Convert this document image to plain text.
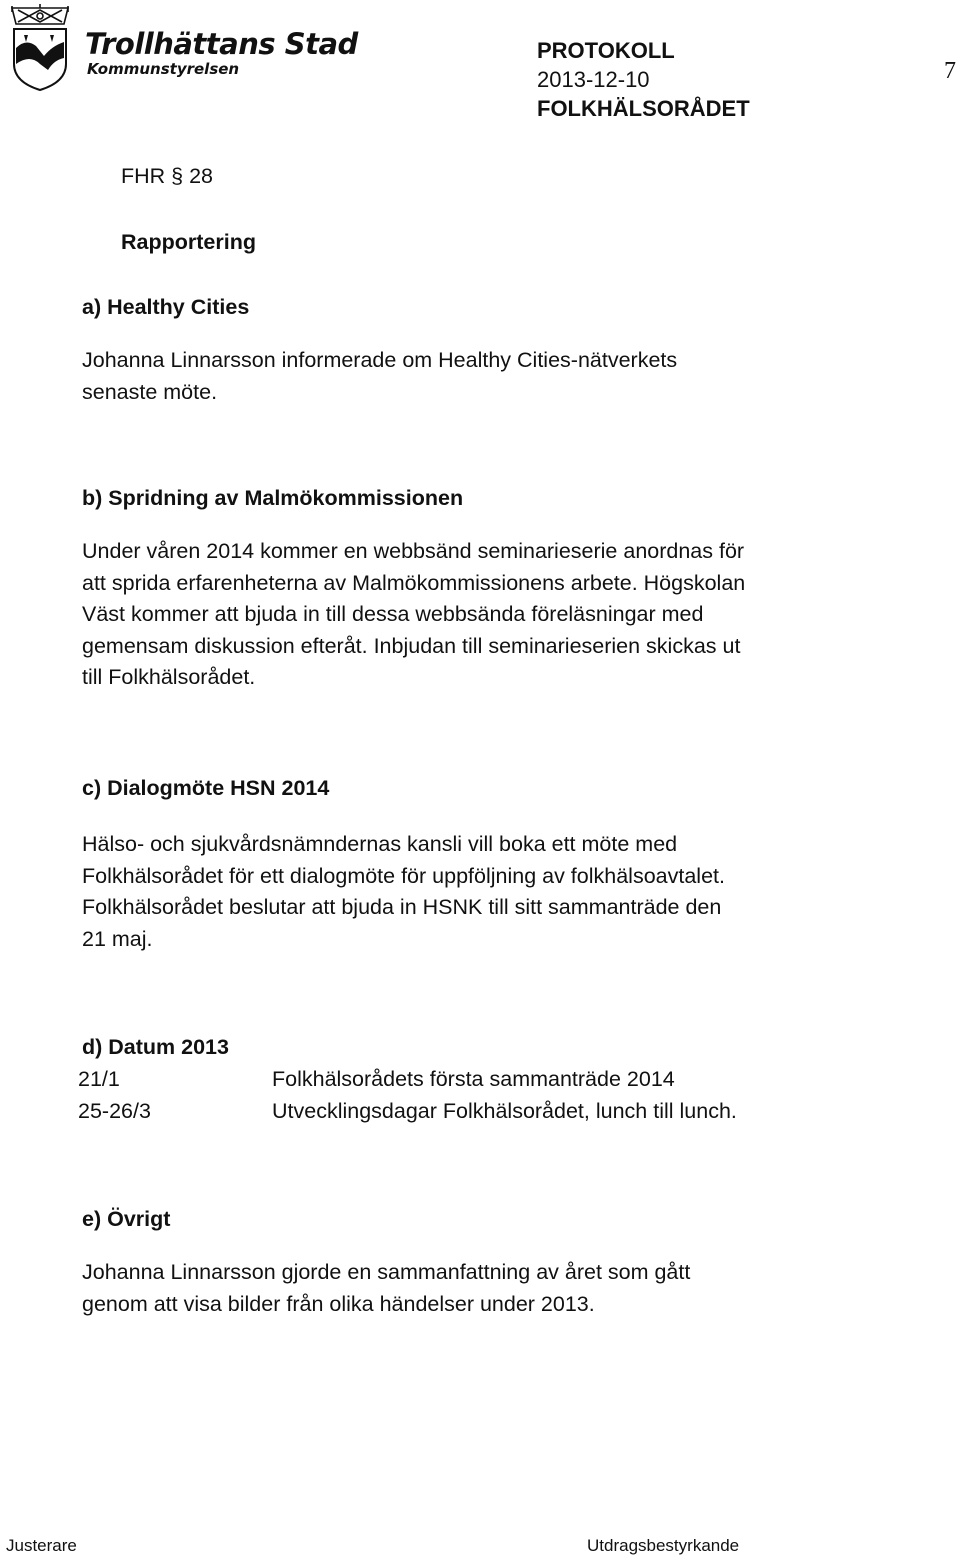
Trollhättans Stad
Kommunstyrelsen
PROTOKOLL
2013-12-10
FOLKHÄLSORÅDET
7
FHR § 28
Rapportering
a) Healthy Cities
Johanna Linnarsson informerade om Healthy Cities-nätverkets
senaste möte.
b) Spridning av Malmökommissionen
Under våren 2014 kommer en webbsänd seminarieserie anordnas för
att sprida erfarenheterna av Malmökommissionens arbete. Högskolan
Väst kommer att bjuda in till dessa webbsända föreläsningar med
gemensam diskussion efteråt. Inbjudan till seminarieserien skickas ut
till Folkhälsorådet.
c) Dialogmöte HSN 2014
Hälso- och sjukvårdsnämndernas kansli vill boka ett möte med
Folkhälsorådet för ett dialogmöte för uppföljning av folkhälsoavtalet.
Folkhälsorådet beslutar att bjuda in HSNK till sitt sammanträde den
21 maj.
d) Datum 2013
21/1	Folkhälsorådets första sammanträde 2014
25-26/3	Utvecklingsdagar Folkhälsorådet, lunch till lunch.
e) Övrigt
Johanna Linnarsson gjorde en sammanfattning av året som gått
genom att visa bilder från olika händelser under 2013.
Justerare	Utdragsbestyrkande
